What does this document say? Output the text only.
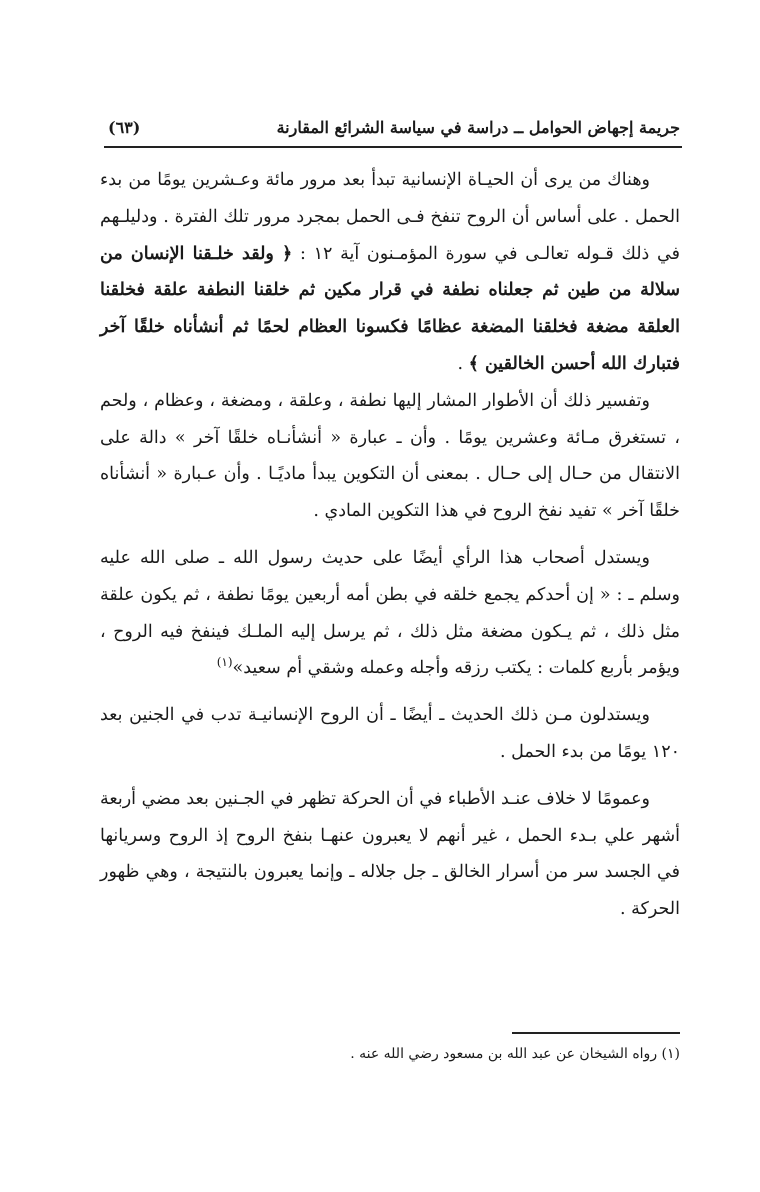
جريمة إجهاض الحوامل ــ دراسة في سياسة الشرائع المقارنة
(٦٣)

وهناك من يرى أن الحيـاة الإنسانية تبدأ بعد مرور مائة وعـشرين يومًا من بدء الحمل . على أساس أن الروح تنفخ فـى الحمل بمجرد مرور تلك الفترة . ودليلـهم في ذلك قـوله تعالـى في سورة المؤمـنون آية ١٢ : ﴿ ولقد خلـقنا الإنسان من سلالة من طين ثم جعلناه نطفة في قرار مكين ثم خلقنا النطفة علقة فخلقنا العلقة مضغة فخلقنا المضغة عظامًا فكسونا العظام لحمًا ثم أنشأناه خلقًا آخر فتبارك الله أحسن الخالقين ﴾ .

وتفسير ذلك أن الأطوار المشار إليها نطفة ، وعلقة ، ومضغة ، وعظام ، ولحم ، تستغرق مـائة وعشرين يومًا . وأن ـ عبارة « أنشأنـاه خلقًا آخر » دالة على الانتقال من حـال إلى حـال . بمعنى أن التكوين يبدأ ماديًـا . وأن عـبارة « أنشأناه خلقًا آخر » تفيد نفخ الروح في هذا التكوين المادي .

ويستدل أصحاب هذا الرأي أيضًا على حديث رسول الله ـ صلى الله عليه وسلم ـ : « إن أحدكم يجمع خلقه في بطن أمه أربعين يومًا نطفة ، ثم يكون علقة مثل ذلك ، ثم يـكون مضغة مثل ذلك ، ثم يرسل إليه الملـك فينفخ فيه الروح ، ويؤمر بأربع كلمات : يكتب رزقه وأجله وعمله وشقي أم سعيد»$^{(١)}$

ويستدلون مـن ذلك الحديث ـ أيضًا ـ أن الروح الإنسانيـة تدب في الجنين بعد ١٢٠ يومًا من بدء الحمل .

وعمومًا لا خلاف عنـد الأطباء في أن الحركة تظهر في الجـنين بعد مضي أربعة أشهر علي بـدء الحمل ، غير أنهم لا يعبرون عنهـا بنفخ الروح إذ الروح وسريانها في الجسد سر من أسرار الخالق ـ جل جلاله ـ وإنما يعبرون بالنتيجة ، وهي ظهور الحركة .

(١) رواه الشيخان عن عبد الله بن مسعود رضي الله عنه .
